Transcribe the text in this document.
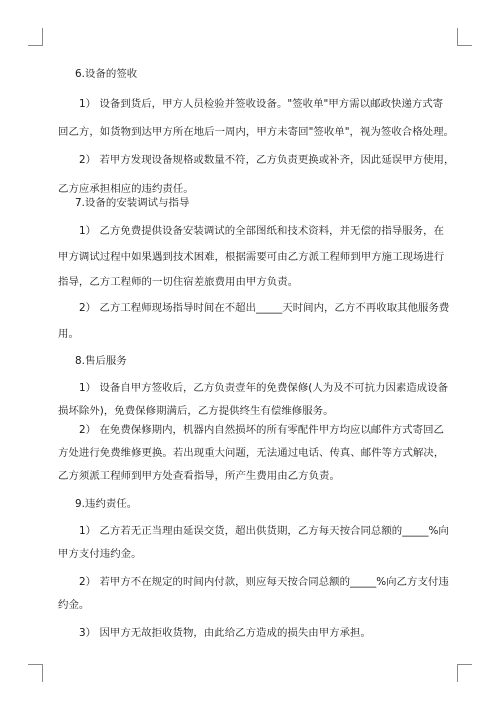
6.设备的签收
1） 设备到货后，甲方人员检验并签收设备。"签收单"甲方需以邮政快递方式寄
回乙方，如货物到达甲方所在地后一周内，甲方未寄回"签收单"，视为签收合格处理。
2） 若甲方发现设备规格或数量不符，乙方负责更换或补齐，因此延误甲方使用，
乙方应承担相应的违约责任。
7.设备的安装调试与指导
1） 乙方免费提供设备安装调试的全部图纸和技术资料，并无偿的指导服务，在
甲方调试过程中如果遇到技术困难，根据需要可由乙方派工程师到甲方施工现场进行
指导，乙方工程师的一切住宿差旅费用由甲方负责。
2） 乙方工程师现场指导时间在不超出_____天时间内，乙方不再收取其他服务费
用。
8.售后服务
1） 设备自甲方签收后，乙方负责壹年的免费保修(人为及不可抗力因素造成设备
损坏除外)，免费保修期满后，乙方提供终生有偿维修服务。
2） 在免费保修期内，机器内自然损坏的所有零配件甲方均应以邮件方式寄回乙
方处进行免费维修更换。若出现重大问题，无法通过电话、传真、邮件等方式解决，
乙方须派工程师到甲方处查看指导，所产生费用由乙方负责。
9.违约责任。
1） 乙方若无正当理由延误交货，超出供货期，乙方每天按合同总额的_____%向
甲方支付违约金。
2） 若甲方不在规定的时间内付款，则应每天按合同总额的_____%向乙方支付违
约金。
3） 因甲方无故拒收货物，由此给乙方造成的损失由甲方承担。
